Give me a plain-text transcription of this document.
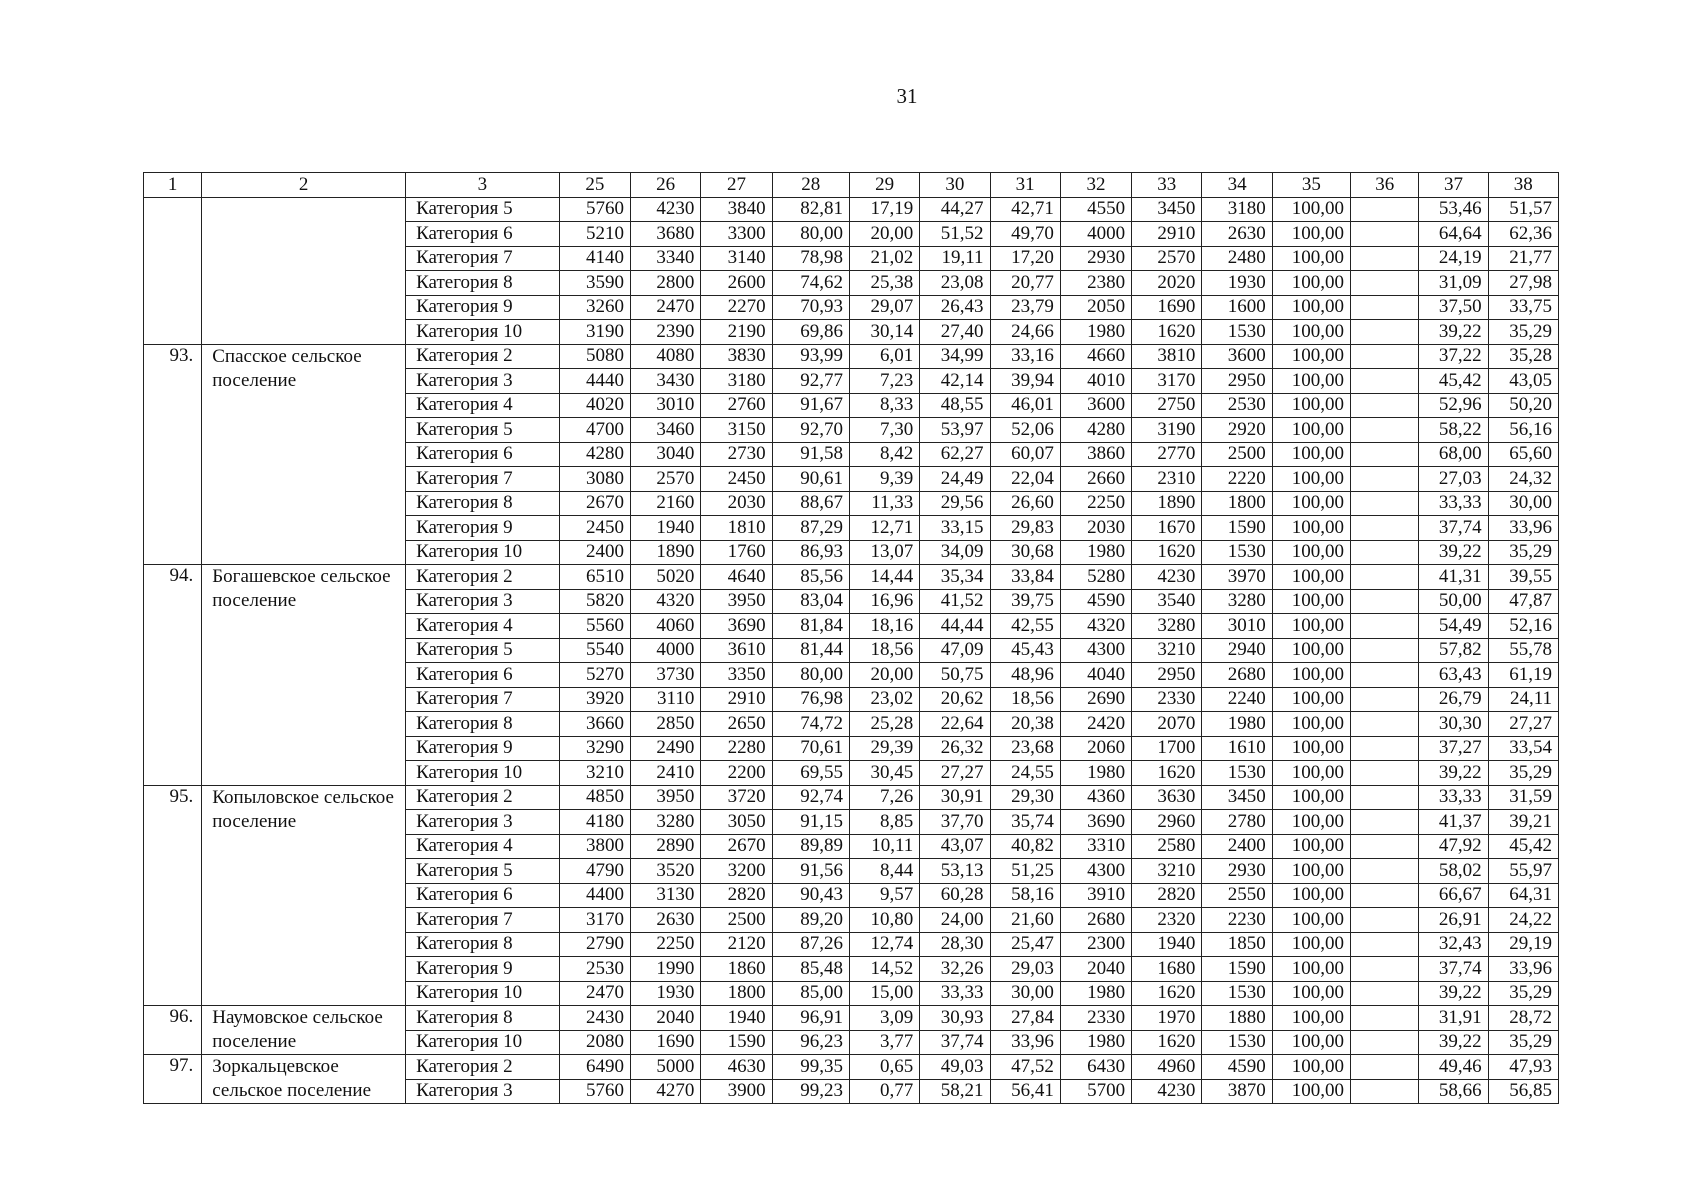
31
1	2	3	25	26	27	28	29	30	31	32	33	34	35	36	37	38
		Категория 5	5760	4230	3840	82,81	17,19	44,27	42,71	4550	3450	3180	100,00		53,46	51,57
		Категория 6	5210	3680	3300	80,00	20,00	51,52	49,70	4000	2910	2630	100,00		64,64	62,36
		Категория 7	4140	3340	3140	78,98	21,02	19,11	17,20	2930	2570	2480	100,00		24,19	21,77
		Категория 8	3590	2800	2600	74,62	25,38	23,08	20,77	2380	2020	1930	100,00		31,09	27,98
		Категория 9	3260	2470	2270	70,93	29,07	26,43	23,79	2050	1690	1600	100,00		37,50	33,75
		Категория 10	3190	2390	2190	69,86	30,14	27,40	24,66	1980	1620	1530	100,00		39,22	35,29
93.	Спасское сельское поселение	Категория 2	5080	4080	3830	93,99	6,01	34,99	33,16	4660	3810	3600	100,00		37,22	35,28
		Категория 3	4440	3430	3180	92,77	7,23	42,14	39,94	4010	3170	2950	100,00		45,42	43,05
		Категория 4	4020	3010	2760	91,67	8,33	48,55	46,01	3600	2750	2530	100,00		52,96	50,20
		Категория 5	4700	3460	3150	92,70	7,30	53,97	52,06	4280	3190	2920	100,00		58,22	56,16
		Категория 6	4280	3040	2730	91,58	8,42	62,27	60,07	3860	2770	2500	100,00		68,00	65,60
		Категория 7	3080	2570	2450	90,61	9,39	24,49	22,04	2660	2310	2220	100,00		27,03	24,32
		Категория 8	2670	2160	2030	88,67	11,33	29,56	26,60	2250	1890	1800	100,00		33,33	30,00
		Категория 9	2450	1940	1810	87,29	12,71	33,15	29,83	2030	1670	1590	100,00		37,74	33,96
		Категория 10	2400	1890	1760	86,93	13,07	34,09	30,68	1980	1620	1530	100,00		39,22	35,29
94.	Богашевское сельское поселение	Категория 2	6510	5020	4640	85,56	14,44	35,34	33,84	5280	4230	3970	100,00		41,31	39,55
		Категория 3	5820	4320	3950	83,04	16,96	41,52	39,75	4590	3540	3280	100,00		50,00	47,87
		Категория 4	5560	4060	3690	81,84	18,16	44,44	42,55	4320	3280	3010	100,00		54,49	52,16
		Категория 5	5540	4000	3610	81,44	18,56	47,09	45,43	4300	3210	2940	100,00		57,82	55,78
		Категория 6	5270	3730	3350	80,00	20,00	50,75	48,96	4040	2950	2680	100,00		63,43	61,19
		Категория 7	3920	3110	2910	76,98	23,02	20,62	18,56	2690	2330	2240	100,00		26,79	24,11
		Категория 8	3660	2850	2650	74,72	25,28	22,64	20,38	2420	2070	1980	100,00		30,30	27,27
		Категория 9	3290	2490	2280	70,61	29,39	26,32	23,68	2060	1700	1610	100,00		37,27	33,54
		Категория 10	3210	2410	2200	69,55	30,45	27,27	24,55	1980	1620	1530	100,00		39,22	35,29
95.	Копыловское сельское поселение	Категория 2	4850	3950	3720	92,74	7,26	30,91	29,30	4360	3630	3450	100,00		33,33	31,59
		Категория 3	4180	3280	3050	91,15	8,85	37,70	35,74	3690	2960	2780	100,00		41,37	39,21
		Категория 4	3800	2890	2670	89,89	10,11	43,07	40,82	3310	2580	2400	100,00		47,92	45,42
		Категория 5	4790	3520	3200	91,56	8,44	53,13	51,25	4300	3210	2930	100,00		58,02	55,97
		Категория 6	4400	3130	2820	90,43	9,57	60,28	58,16	3910	2820	2550	100,00		66,67	64,31
		Категория 7	3170	2630	2500	89,20	10,80	24,00	21,60	2680	2320	2230	100,00		26,91	24,22
		Категория 8	2790	2250	2120	87,26	12,74	28,30	25,47	2300	1940	1850	100,00		32,43	29,19
		Категория 9	2530	1990	1860	85,48	14,52	32,26	29,03	2040	1680	1590	100,00		37,74	33,96
		Категория 10	2470	1930	1800	85,00	15,00	33,33	30,00	1980	1620	1530	100,00		39,22	35,29
96.	Наумовское сельское поселение	Категория 8	2430	2040	1940	96,91	3,09	30,93	27,84	2330	1970	1880	100,00		31,91	28,72
		Категория 10	2080	1690	1590	96,23	3,77	37,74	33,96	1980	1620	1530	100,00		39,22	35,29
97.	Зоркальцевское сельское поселение	Категория 2	6490	5000	4630	99,35	0,65	49,03	47,52	6430	4960	4590	100,00		49,46	47,93
		Категория 3	5760	4270	3900	99,23	0,77	58,21	56,41	5700	4230	3870	100,00		58,66	56,85
